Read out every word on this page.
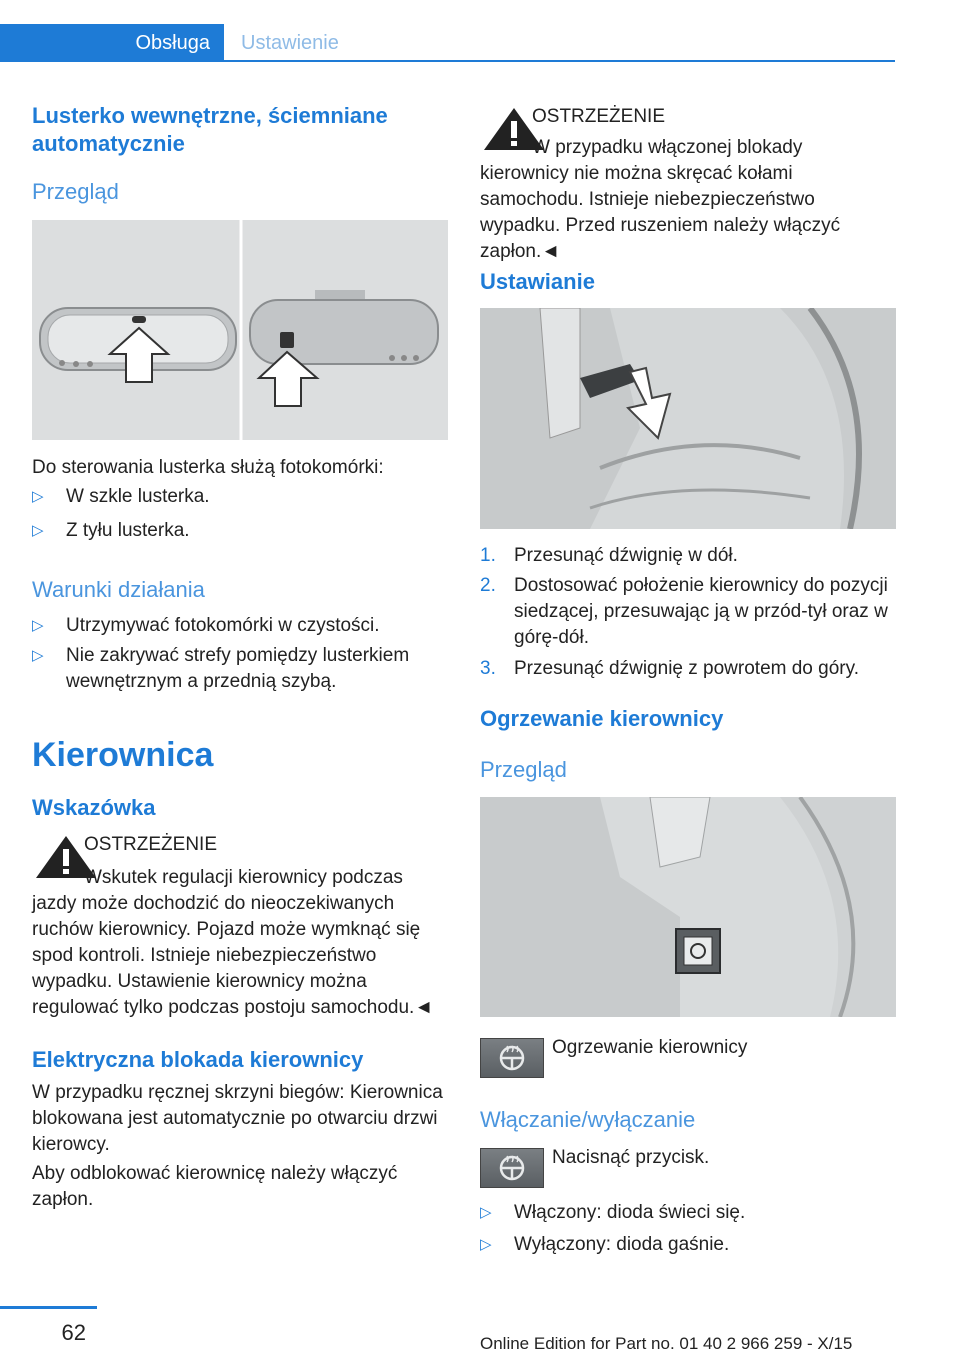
Obsługa	Ustawienie
Lusterko wewnętrzne, ściemniane automatycznie
Przegląd
Do sterowania lusterka służą fotokomórki:
▷ W szkle lusterka.
▷ Z tyłu lusterka.
Warunki działania
▷ Utrzymywać fotokomórki w czystości.
▷ Nie zakrywać strefy pomiędzy lusterkiem wewnętrznym a przednią szybą.
Kierownica
Wskazówka
OSTRZEŻENIE
Wskutek regulacji kierownicy podczas jazdy może dochodzić do nieoczekiwanych ruchów kierownicy. Pojazd może wymknąć się spod kontroli. Istnieje niebezpieczeństwo wypadku. Ustawienie kierownicy można regulować tylko podczas postoju samochodu.◄
Elektryczna blokada kierownicy
W przypadku ręcznej skrzyni biegów: Kierownica blokowana jest automatycznie po otwarciu drzwi kierowcy.
Aby odblokować kierownicę należy włączyć zapłon.
OSTRZEŻENIE
W przypadku włączonej blokady kierownicy nie można skręcać kołami samochodu. Istnieje niebezpieczeństwo wypadku. Przed ruszeniem należy włączyć zapłon.◄
Ustawianie
1. Przesunąć dźwignię w dół.
2. Dostosować położenie kierownicy do pozycji siedzącej, przesuwając ją w przód-tył oraz w górę-dół.
3. Przesunąć dźwignię z powrotem do góry.
Ogrzewanie kierownicy
Przegląd
Ogrzewanie kierownicy
Włączanie/wyłączanie
Nacisnąć przycisk.
▷ Włączony: dioda świeci się.
▷ Wyłączony: dioda gaśnie.
62	Online Edition for Part no. 01 40 2 966 259 - X/15
